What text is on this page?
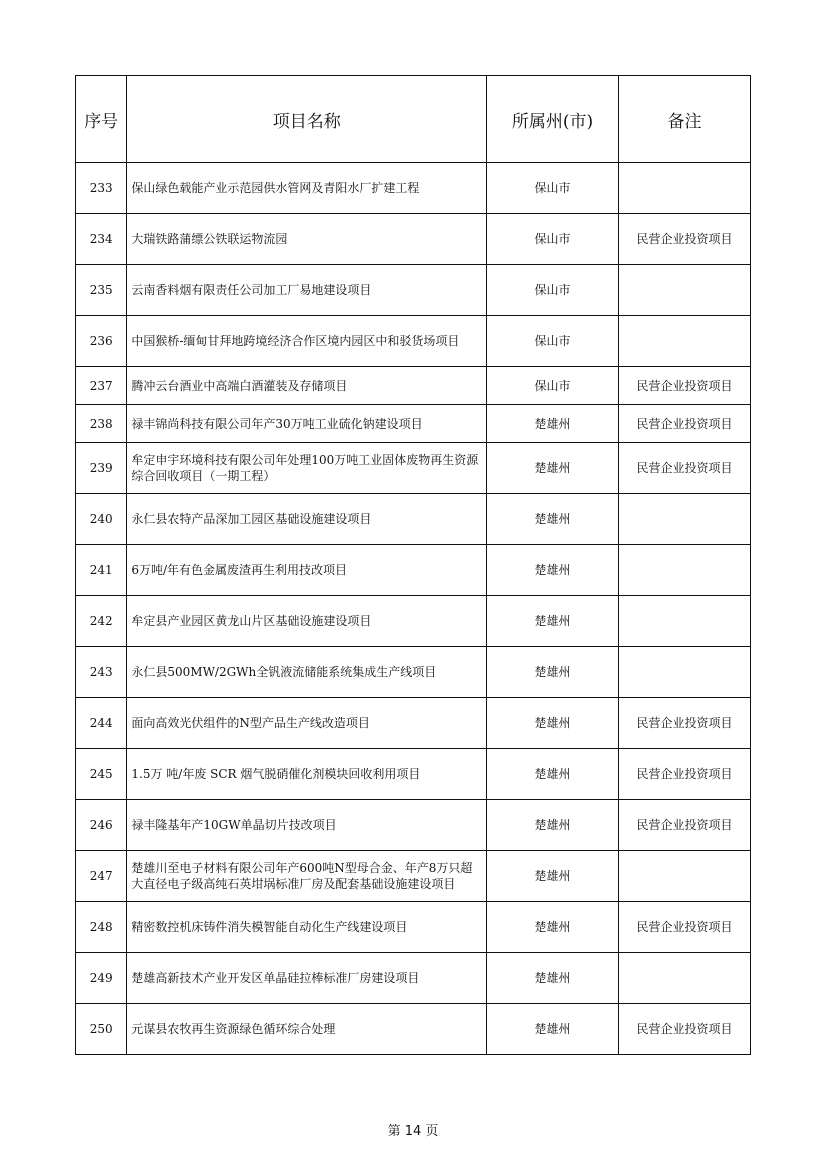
序号	项目名称	所属州(市)	备注
233	保山绿色载能产业示范园供水管网及青阳水厂扩建工程	保山市	
234	大瑞铁路蒲缥公铁联运物流园	保山市	民营企业投资项目
235	云南香料烟有限责任公司加工厂易地建设项目	保山市	
236	中国猴桥-缅甸甘拜地跨境经济合作区境内园区中和驳货场项目	保山市	
237	腾冲云台酒业中高端白酒灌装及存储项目	保山市	民营企业投资项目
238	禄丰锦尚科技有限公司年产30万吨工业硫化钠建设项目	楚雄州	民营企业投资项目
239	牟定申宇环境科技有限公司年处理100万吨工业固体废物再生资源综合回收项目（一期工程）	楚雄州	民营企业投资项目
240	永仁县农特产品深加工园区基础设施建设项目	楚雄州	
241	6万吨/年有色金属废渣再生利用技改项目	楚雄州	
242	牟定县产业园区黄龙山片区基础设施建设项目	楚雄州	
243	永仁县500MW/2GWh全钒液流储能系统集成生产线项目	楚雄州	
244	面向高效光伏组件的N型产品生产线改造项目	楚雄州	民营企业投资项目
245	1.5万 吨/年废 SCR 烟气脱硝催化剂模块回收利用项目	楚雄州	民营企业投资项目
246	禄丰隆基年产10GW单晶切片技改项目	楚雄州	民营企业投资项目
247	楚雄川至电子材料有限公司年产600吨N型母合金、年产8万只超大直径电子级高纯石英坩埚标准厂房及配套基础设施建设项目	楚雄州	
248	精密数控机床铸件消失模智能自动化生产线建设项目	楚雄州	民营企业投资项目
249	楚雄高新技术产业开发区单晶硅拉棒标准厂房建设项目	楚雄州	
250	元谋县农牧再生资源绿色循环综合处理	楚雄州	民营企业投资项目
第 14 页
